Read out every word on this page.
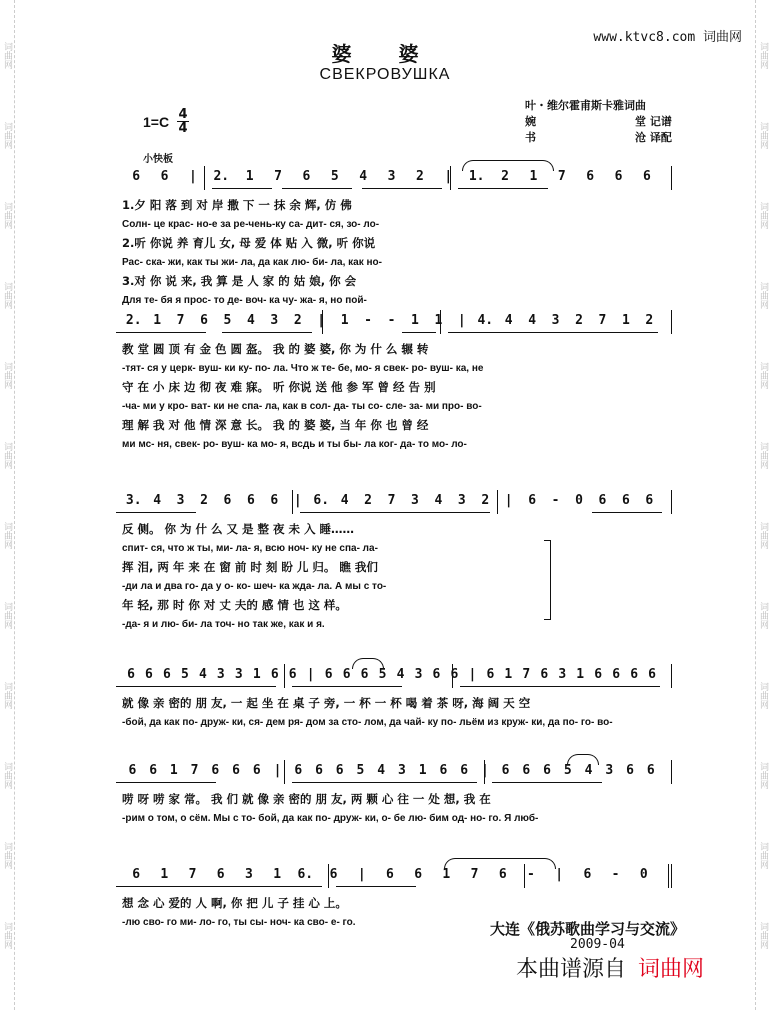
词曲网
词曲网
词曲网
词曲网
词曲网
词曲网
词曲网
词曲网
词曲网
词曲网
词曲网
词曲网
词曲网
词曲网
词曲网
词曲网
词曲网
词曲网
词曲网
词曲网
词曲网
词曲网
词曲网
词曲网
www.ktvc8.com 词曲网
婆 婆
СВЕКРОВУШКА
叶・维尔霍甫斯卡雅词曲
婉　　　　　　　　　堂 记谱
书　　　　　　　　　沧 译配
1=C 4
4
小快板
6	6	|	2.	1	7	6	5	4	3	2	|	1.	2	1	7	6	6	6
1.夕 阳 落 到 对 岸 撒 下 一 抹 余 辉, 仿 佛
Солн- це крас- но-е за ре-чень-ку са- дит- ся, зо- ло-
2.听 你说 养 育儿 女, 母 爱 体 贴 入 微, 听 你说
Рас- ска- жи, как ты жи- ла, да как лю- би- ла, как но-
3.对 你 说 来, 我 算 是 人 家 的 姑 娘, 你 会
Для те- бя я прос- то де- воч- ка чу- жа- я, но пой-
2. 1	7	6	5	4	3	2	|	1	-	-	1	1	| 4. 4	4	3	2	7	1	2
教 堂 圆 顶 有 金 色 圆 盔。 我 的 婆 婆, 你 为 什 么 辗 转
-тят- ся у церк- вуш- ки ку- по- ла. Что ж те- бе, мо- я свек- ро- вуш- ка, не
守 在 小 床 边 彻 夜 难 寐。 听 你说 送 他 参 军 曾 经 告 别
-ча- ми у кро- ват- ки не спа- ла, как в сол- да- ты со- сле- за- ми про- во-
理 解 我 对 他 情 深 意 长。 我 的 婆 婆, 当 年 你 也 曾 经
ми мс- ня, свек- ро- вуш- ка мо- я, всдь и ты бы- ла ког- да- то мо- ло-
3. 4	3	2	6	6	6	| 6. 4	2	7	3	4	3	2	|	6	-	0	6	6	6
反 侧。 你 为 什 么 又 是 整 夜 未 入 睡……
спит- ся, что ж ты, ми- ла- я, всю ноч- ку не спа- ла-
挥 泪, 两 年 来 在 窗 前 时 刻 盼 儿 归。 瞧 我们
-ди ла и два го- да у о- ко- шеч- ка жда- ла. А мы с то-
年 轻, 那 时 你 对 丈 夫的 感 情 也 这 样。
-да- я и лю- би- ла точ- но так же, как и я.
6 6 6 5 4 3 3 1 6 6 | 6 6 6 5 4 3 6 6 | 6 1 7 6 3 1 6 6 6 6
就 像 亲 密的 朋 友, 一 起 坐 在 桌 子 旁, 一 杯 一 杯 喝 着 茶 呀, 海 阔 天 空
-бой, да как по- друж- ки, ся- дем ря- дом за сто- лом, да чай- ку по- льём из круж- ки, да по- го- во-
6 6 1 7 6 6 6 | 6 6 6 5 4 3 1 6 6 | 6 6 6 5 4 3 6 6
唠 呀 唠 家 常。 我 们 就 像 亲 密的 朋 友, 两 颗 心 往 一 处 想, 我 在
-рим о том, о сём. Мы с то- бой, да как по- друж- ки, о- бе лю- бим од- но- го. Я люб-
6	1	7	6	3	1	6.	6	|	6	6	1	7	6	-	|	6	-	0
想 念 心 爱的 人 啊, 你 把 儿 子 挂 心 上。
-лю сво- го ми- ло- го, ты сы- ноч- ка сво- е- го.	大连《俄苏歌曲学习与交流》
2009-04
本曲谱源自 词曲网
